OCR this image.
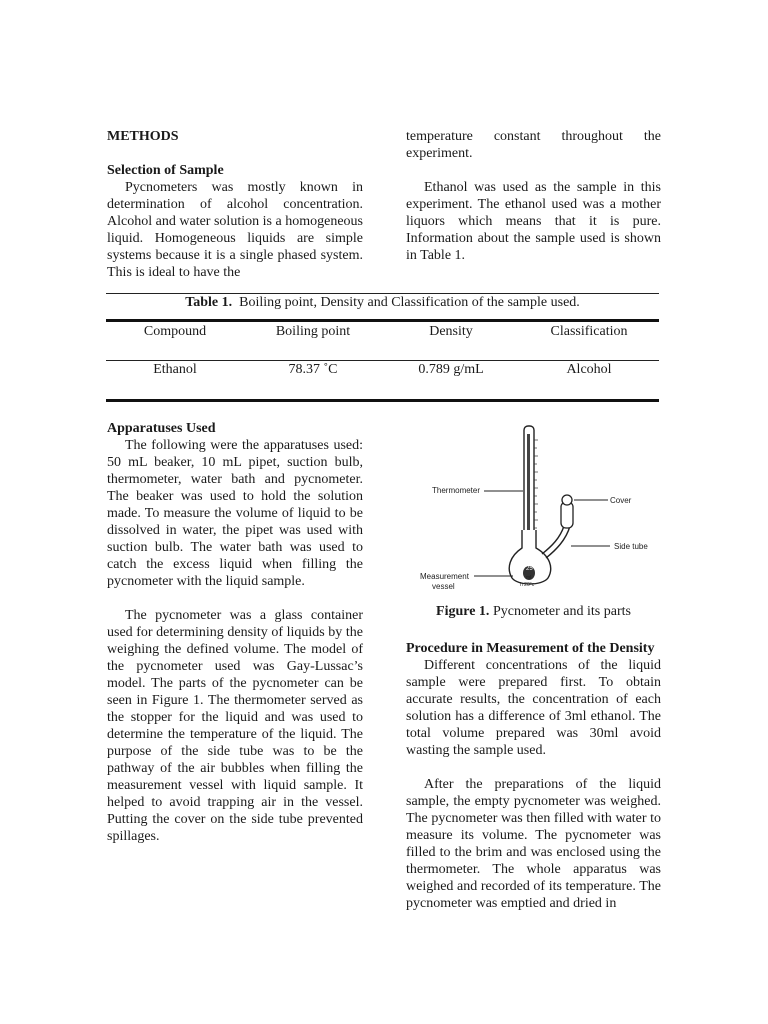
METHODS

Selection of Sample

Pycnometers was mostly known in determination of alcohol concentration. Alcohol and water solution is a homogeneous liquid. Homogeneous liquids are simple systems because it is a single phased system. This is ideal to have the

temperature constant throughout the experiment.

Ethanol was used as the sample in this experiment. The ethanol used was a mother liquors which means that it is pure. Information about the sample used is shown in Table 1.

Table 1. Boiling point, Density and Classification of the sample used.
Compound	Boiling point	Density	Classification
Ethanol	78.37 ˚C	0.789 g/mL	Alcohol

Apparatuses Used

The following were the apparatuses used: 50 mL beaker, 10 mL pipet, suction bulb, thermometer, water bath and pycnometer. The beaker was used to hold the solution made. To measure the volume of liquid to be dissolved in water, the pipet was used with suction bulb. The water bath was used to catch the excess liquid when filling the pycnometer with the liquid sample.

The pycnometer was a glass container used for determining density of liquids by the weighing the defined volume. The model of the pycnometer used was Gay-Lussac’s model. The parts of the pycnometer can be seen in Figure 1. The thermometer served as the stopper for the liquid and was used to determine the temperature of the liquid. The purpose of the side tube was to be the pathway of the air bubbles when filling the measurement vessel with liquid sample. It helped to avoid trapping air in the vessel. Putting the cover on the side tube prevented spillages.

Thermometer
Cover
Side tube
Measurement
vessel
25
ml
h 20°c
Figure 1. Pycnometer and its parts

Procedure in Measurement of the Density

Different concentrations of the liquid sample were prepared first. To obtain accurate results, the concentration of each solution has a difference of 3ml ethanol. The total volume prepared was 30ml avoid wasting the sample used.

After the preparations of the liquid sample, the empty pycnometer was weighed. The pycnometer was then filled with water to measure its volume. The pycnometer was filled to the brim and was enclosed using the thermometer. The whole apparatus was weighed and recorded of its temperature. The pycnometer was emptied and dried in
